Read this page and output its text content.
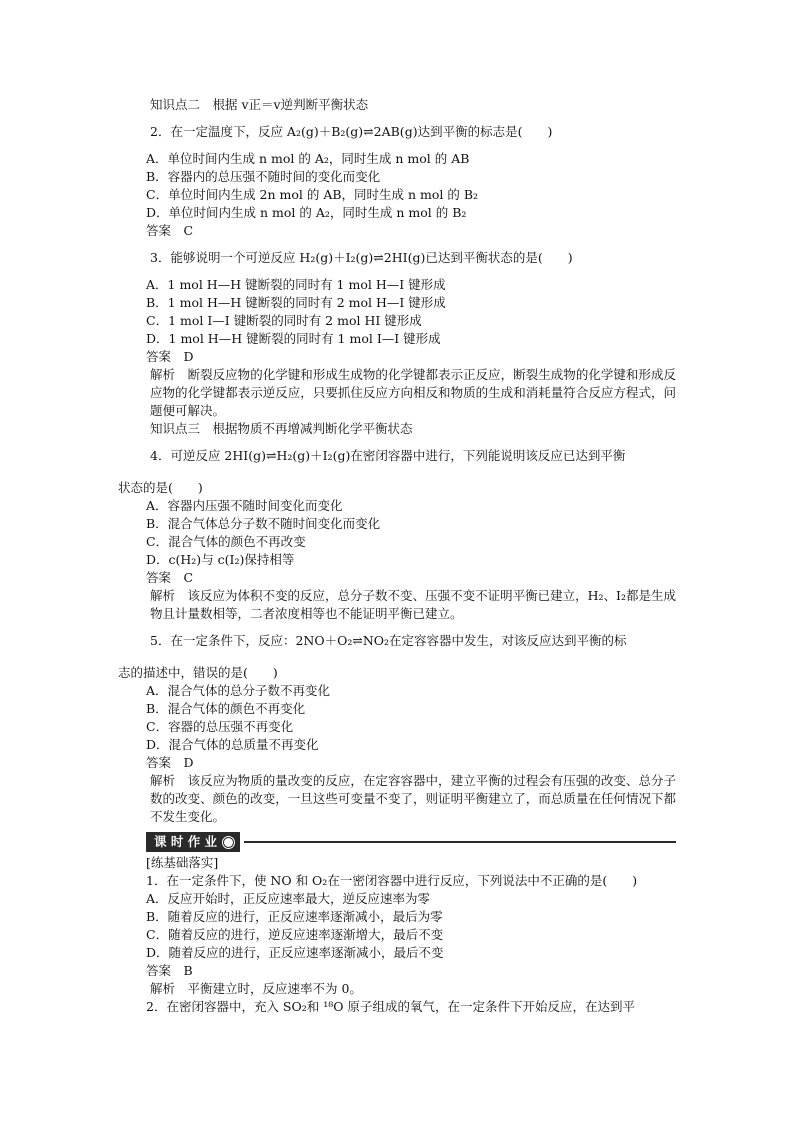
知识点二　根据 v正＝v逆判断平衡状态
2．在一定温度下，反应 A₂(g)＋B₂(g)⇌2AB(g)达到平衡的标志是(　　)
A．单位时间内生成 n mol 的 A₂，同时生成 n mol 的 AB
B．容器内的总压强不随时间的变化而变化
C．单位时间内生成 2n mol 的 AB，同时生成 n mol 的 B₂
D．单位时间内生成 n mol 的 A₂，同时生成 n mol 的 B₂
答案　C
3．能够说明一个可逆反应 H₂(g)＋I₂(g)⇌2HI(g)已达到平衡状态的是(　　)
A．1 mol H—H 键断裂的同时有 1 mol H—I 键形成
B．1 mol H—H 键断裂的同时有 2 mol H—I 键形成
C．1 mol I—I 键断裂的同时有 2 mol HI 键形成
D．1 mol H—H 键断裂的同时有 1 mol I—I 键形成
答案　D
解析　断裂反应物的化学键和形成生成物的化学键都表示正反应，断裂生成物的化学键和形成反应物的化学键都表示逆反应，只要抓住反应方向相反和物质的生成和消耗量符合反应方程式，问题便可解决。
知识点三　根据物质不再增减判断化学平衡状态
4．可逆反应 2HI(g)⇌H₂(g)＋I₂(g)在密闭容器中进行，下列能说明该反应已达到平衡
状态的是(　　)
A．容器内压强不随时间变化而变化
B．混合气体总分子数不随时间变化而变化
C．混合气体的颜色不再改变
D．c(H₂)与 c(I₂)保持相等
答案　C
解析　该反应为体积不变的反应，总分子数不变、压强不变不证明平衡已建立，H₂、I₂都是生成物且计量数相等，二者浓度相等也不能证明平衡已建立。
5．在一定条件下，反应：2NO＋O₂⇌NO₂在定容容器中发生，对该反应达到平衡的标
志的描述中，错误的是(　　)
A．混合气体的总分子数不再变化
B．混合气体的颜色不再变化
C．容器的总压强不再变化
D．混合气体的总质量不再变化
答案　D
解析　该反应为物质的量改变的反应，在定容容器中，建立平衡的过程会有压强的改变、总分子数的改变、颜色的改变，一旦这些可变量不变了，则证明平衡建立了，而总质量在任何情况下都不发生变化。
课 时 作 业
[练基础落实]
1．在一定条件下，使 NO 和 O₂在一密闭容器中进行反应，下列说法中不正确的是(　　)
A．反应开始时，正反应速率最大，逆反应速率为零
B．随着反应的进行，正反应速率逐渐减小，最后为零
C．随着反应的进行，逆反应速率逐渐增大，最后不变
D．随着反应的进行，正反应速率逐渐减小，最后不变
答案　B
解析　平衡建立时，反应速率不为 0。
2．在密闭容器中，充入 SO₂和 ¹⁸O 原子组成的氧气，在一定条件下开始反应，在达到平
